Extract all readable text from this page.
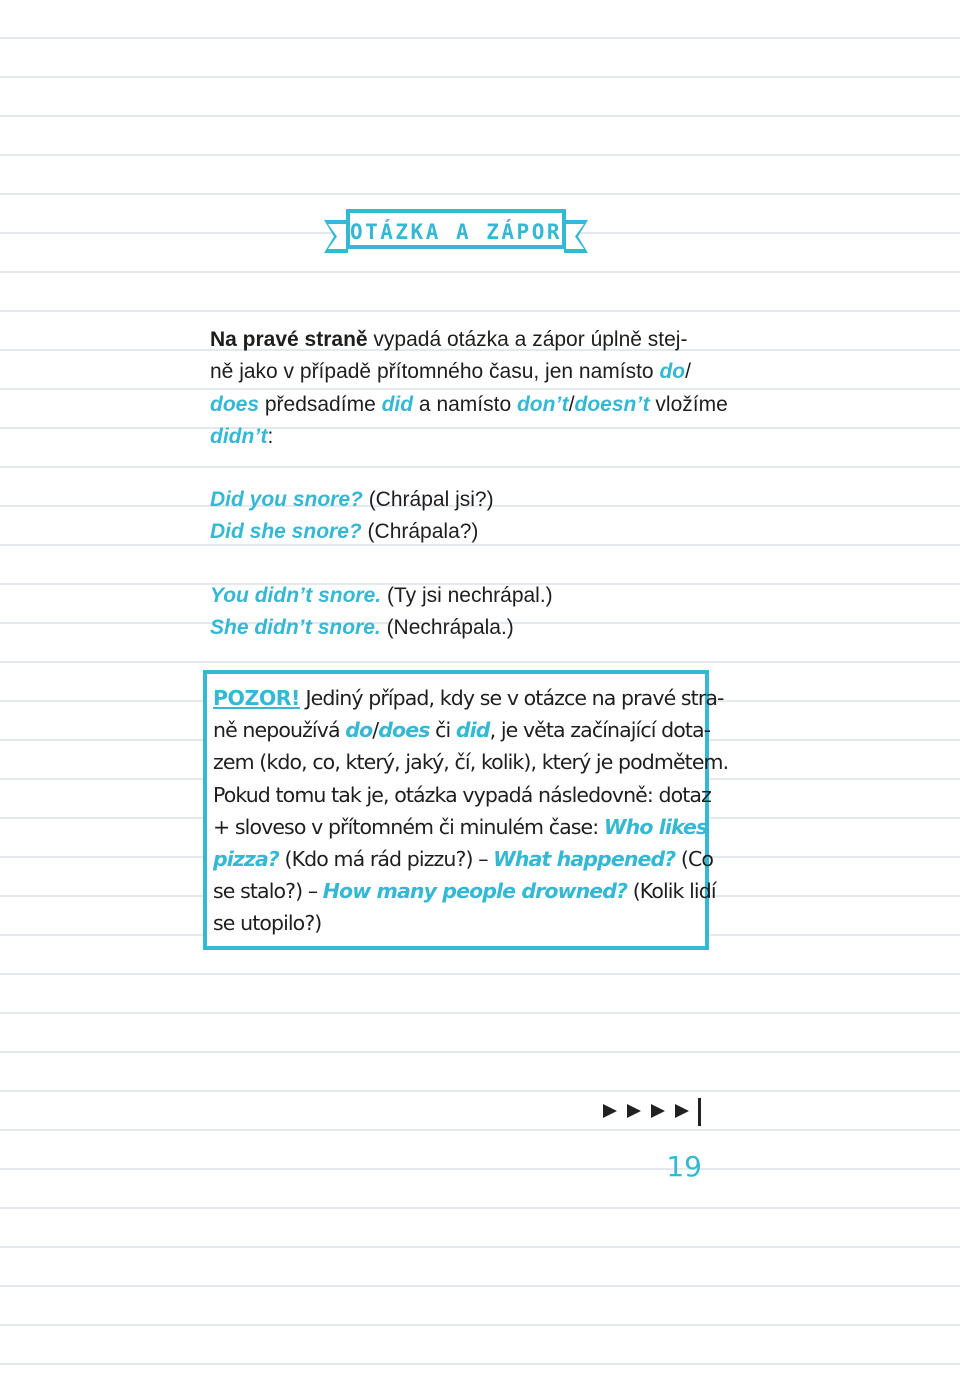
OTÁZKA A ZÁPOR

Na pravé straně vypadá otázka a zápor úplně stej-
ně jako v případě přítomného času, jen namísto do/
does předsadíme did a namísto don’t/doesn’t vložíme
didn’t:

Did you snore? (Chrápal jsi?)
Did she snore? (Chrápala?)
You didn’t snore. (Ty jsi nechrápal.)
She didn’t snore. (Nechrápala.)
POZOR! Jediný případ, kdy se v otázce na pravé stra-
ně nepoužívá do/does či did, je věta začínající dota-
zem (kdo, co, který, jaký, čí, kolik), který je podmětem.
Pokud tomu tak je, otázka vypadá následovně: dotaz
+ sloveso v přítomném či minulém čase: Who likes
pizza? (Kdo má rád pizzu?) – What happened? (Co
se stalo?) – How many people drowned? (Kolik lidí
se utopilo?)
19
